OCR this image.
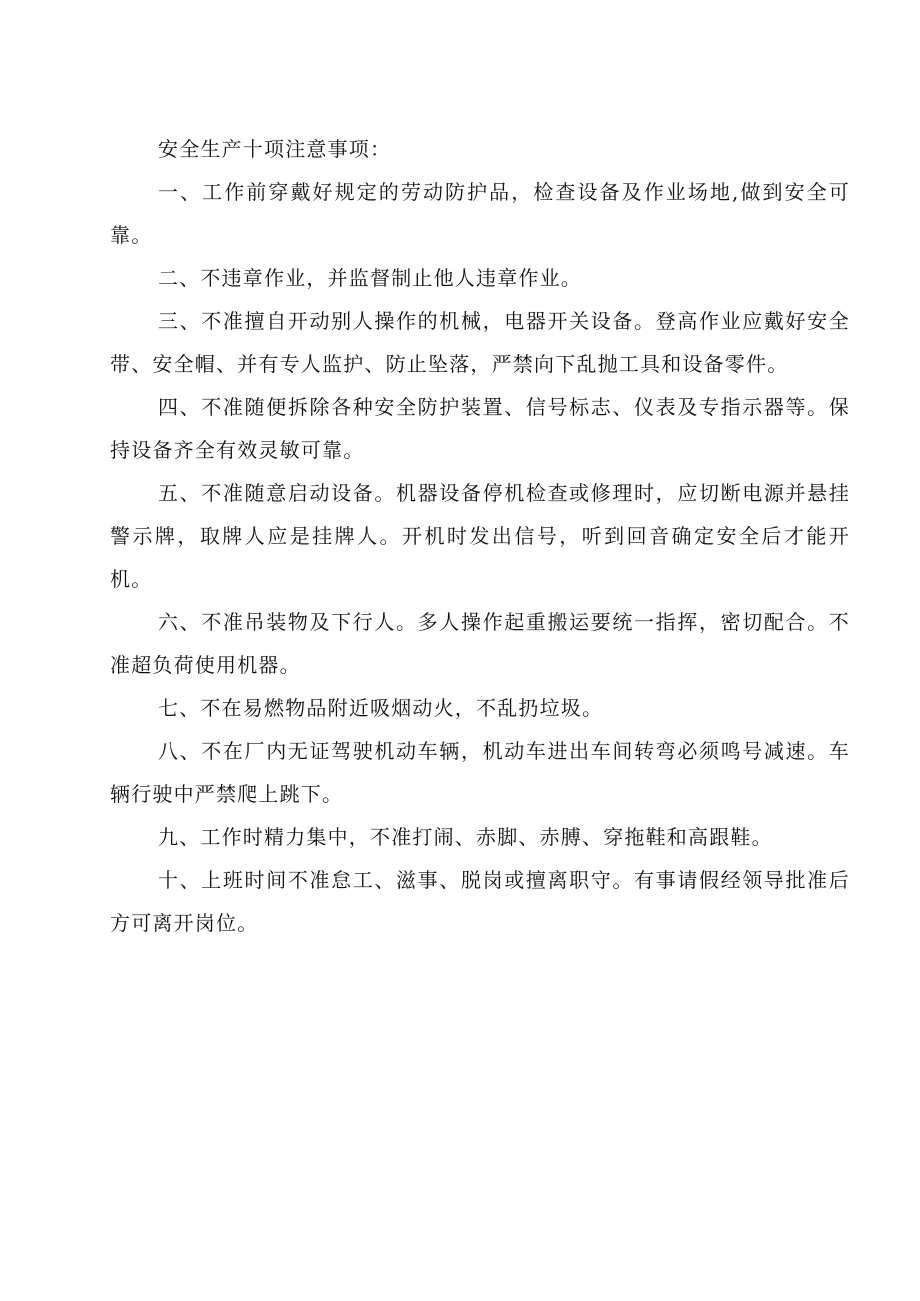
安全生产十项注意事项：

一、工作前穿戴好规定的劳动防护品，检查设备及作业场地,做到安全可靠。

二、不违章作业，并监督制止他人违章作业。

三、不准擅自开动别人操作的机械，电器开关设备。登高作业应戴好安全带、安全帽、并有专人监护、防止坠落，严禁向下乱抛工具和设备零件。

四、不准随便拆除各种安全防护装置、信号标志、仪表及专指示器等。保持设备齐全有效灵敏可靠。

五、不准随意启动设备。机器设备停机检查或修理时，应切断电源并悬挂警示牌，取牌人应是挂牌人。开机时发出信号，听到回音确定安全后才能开机。

六、不准吊装物及下行人。多人操作起重搬运要统一指挥，密切配合。不准超负荷使用机器。

七、不在易燃物品附近吸烟动火，不乱扔垃圾。

八、不在厂内无证驾驶机动车辆，机动车进出车间转弯必须鸣号减速。车辆行驶中严禁爬上跳下。

九、工作时精力集中，不准打闹、赤脚、赤膊、穿拖鞋和高跟鞋。

十、上班时间不准怠工、滋事、脱岗或擅离职守。有事请假经领导批准后方可离开岗位。
